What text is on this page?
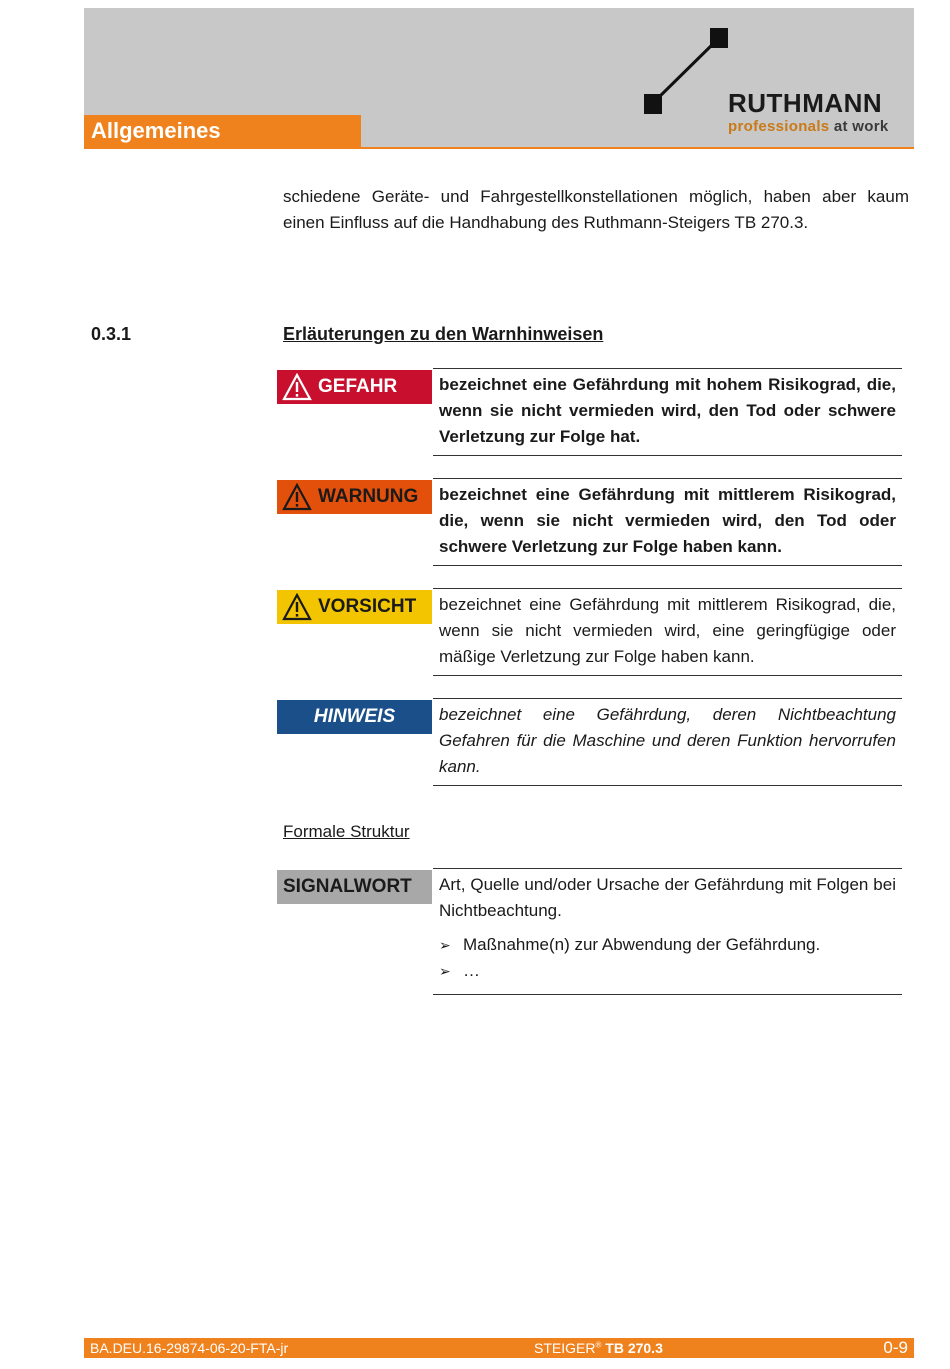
Allgemeines
RUTHMANN
professionals at work

schiedene Geräte- und Fahrgestellkonstellationen möglich, haben aber kaum einen Einfluss auf die Handhabung des Ruthmann-Steigers TB 270.3.

0.3.1	Erläuterungen zu den Warnhinweisen
GEFAHR	bezeichnet eine Gefährdung mit hohem Risikograd, die, wenn sie nicht vermieden wird, den Tod oder schwere Verletzung zur Folge hat.
WARNUNG	bezeichnet eine Gefährdung mit mittlerem Risikograd, die, wenn sie nicht vermieden wird, den Tod oder schwere Verletzung zur Folge haben kann.
VORSICHT	bezeichnet eine Gefährdung mit mittlerem Risikograd, die, wenn sie nicht vermieden wird, eine geringfügige oder mäßige Verletzung zur Folge haben kann.
HINWEIS	bezeichnet eine Gefährdung, deren Nichtbeachtung Gefahren für die Maschine und deren Funktion hervorrufen kann.
Formale Struktur
SIGNALWORT Art, Quelle und/oder Ursache der Gefährdung mit Folgen bei Nichtbeachtung.
➢ Maßnahme(n) zur Abwendung der Gefährdung.
➢ …
BA.DEU.16-29874-06-20-FTA-jr	STEIGER® TB 270.3	0-9
